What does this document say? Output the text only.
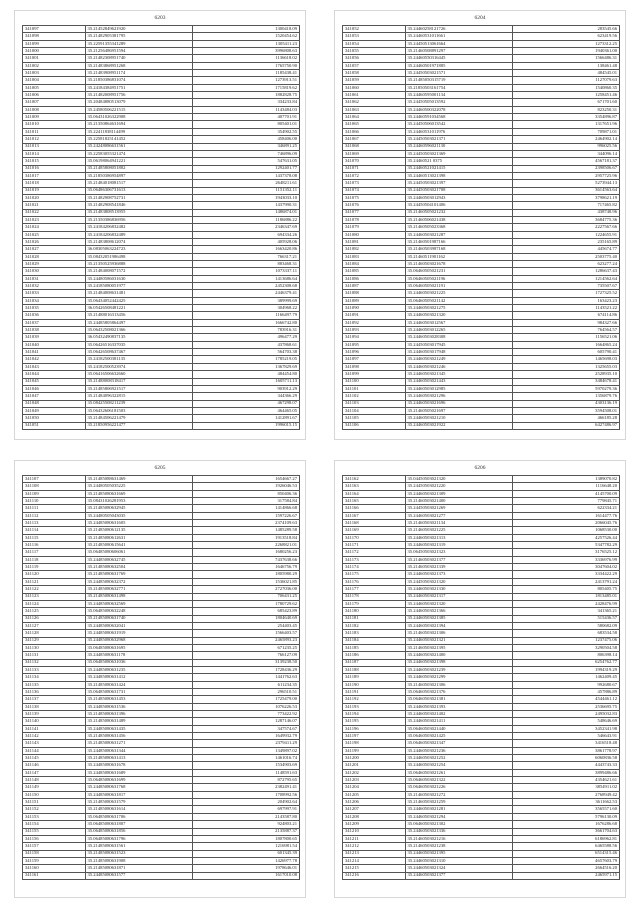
6203
341097	35.21452849621920	1300418.09
341098	35.21482905381795	1520454.62
341099	35.22591355341289	1305411.23
341000	35.21256486951594	3996808.63
341001	35.21482308951740	1136618.02
341002	35.21483868951268	1765750.90
341003	35.21483908951174	1185438.41
341004	35.21850386831074	1273913.51
341005	35.24184384951751	1715819.62
341006	35.21482008951756	1882828.75
341007	35.20484880513079	334233.84
341008	35.24580506221515	1143484.03
341009	35.06431026322908	407701.91
341010	35.21350864631694	805401.01
341011	35.22411838114499	354902.55
341012	35.22581825141452	458406.00
341013	35.24248086631561	346891.25
341014	35.22583055321474	746896.09
341015	35.06198064941221	547631.05
341016	35.21485808051802	1292401.77
341017	35.21850386954897	1437378.08
341018	35.21484018081517	2648211.61
341019	35.06486306731613	1151352.11
341020	35.21482908752731	1943033.10
341021	35.21482908541846	1437990.31
341022	35.21483808513955	1486874.01
341023	35.21350386836956	1186886.22
341024	35.24184206832482	2346347.69
341025	35.24184206832489	694334.26
341026	35.21483808612074	405928.06
341027	36.08305063224723	1663420.86
341028	35.08432051986498	766317.21
341029	35.21350525936888	883468.31
341030	35.21484008071572	1073337.11
341031	35.24480586031630	1413686.64
341032	35.24185080051977	2452308.68
341033	35.21484008631481	2446379.41
341034	35.06434052442425	389999.69
341035	36.05426508481221	304968.22
341036	35.21488016313456	1166497.79
341037	35.24485805864497	1666742.80
341038	35.06432508021366	783916.31
341039	36.05432490837135	496477.29
341040	35.06426516337035	437868.61
341041	35.06426508637467	564703.38
341042	35.24182500381135	1785219.05
341043	35.24182500523974	1367829.69
341044	35.06416506632660	484454.80
341045	35.21488008318417	1605711.13
341046	35.21485806921517	903912.29
341047	35.21484096322815	344366.29
341048	35.08425508211239	467298.07
341049	35.06432606181503	464465.05
341050	35.21484506221479	1412891.67
341051	35.21850956221477	1996015.15
6204
341052	35.24460258121726	283545.66
341053	35.24460531011661	623419.56
341054	35.24450513061664	1273312.25
341055	35.21460508891297	1940361.00
341056	35.24460550316445	1566486.31
341057	35.24460501971885	138461.48
341058	35.24450503021571	484545.01
341059	35.21485050315719	1127079.63
341060	35.21850503161754	1540860.35
341061	35.24460595001134	1258451.46
341062	35.24450505013592	671701.60
341063	35.24460500322078	823250.31
341064	35.24460591034568	3354896.87
341065	35.24450506013542	1317651.96
341066	35.24460531011976	709871.01
341067	35.24450503021371	2464902.14
341068	35.24460596021130	996025.56
341069	35.24450503021369	344096.14
341070	35.24460521 0375	4567181.37
341071	35.24460521021415	2398506.67
341072	35.24460513021398	2957725.96
341073	35.24450503021397	5273944.13
341074	35.24450503021708	3614563.64
341075	35.24460503012943	3798621.19
341076	35.24450504101406	717465.82
341077	35.21460505021232	438748.96
341078	35.21460506021438	3684775.36
341079	35.21460505023368	2227567.66
341080	35.24460503021287	1224655.91
341081	35.21460501987166	235165.89
341082	35.21460503987168	445674.77
341083	35.21460511901162	2503775.40
341084	35.21460503021678	623277.24
341085	35.06460505021231	1286637.43
341086	35.06460505021196	1214562.64
341087	35.06460505021191	735507.67
341088	35.24460503021225	1727325.52
341089	35.06460505021142	163423.23
341090	35.24460503021275	1143521.22
341091	35.24460503021320	674114.86
341092	35.24460503012567	984327.66
341093	35.24460503012265	764564.57
341094	35.24460503028308	1156521.06
341095	35.24450503017945	1664865.24
341096	35.24460503017948	605790.41
341097	35.24460503021249	1465698.03
341098	35.24460503021246	1325655.03
341099	35.24460503021345	2528935.10
341100	35.24460503021443	3484678.41
341101	35.24460503012985	5970279.36
341102	35.24460503021296	1356879.76
341103	35.24460503021696	4303136.19
341104	35.21460505021697	3594508.01
341105	35.24460503021210	466185.28
341106	35.24460503021922	6427486.97
6205
341107	35.21485088631469	1654667.27
341108	35.24480505035225	1926046.53
341109	35.21485080631669	850406.36
341110	35.08431026281953	317584.84
341111	35.21485080632945	1414866.68
341112	35.24480505043035	1597226.67
341113	35.24485080631605	2374109.63
341114	35.21485080612135	1485289.58
341115	35.21485080612631	1913518.84
341116	35.21485080615641	2268821.01
341117	35.06485080606061	1680256.23
341118	35.24485080632745	7437638.66
341119	35.21485080632504	1646756.79
341120	35.21485080631769	1805980.29
341121	35.24485080632372	1536021.85
341122	35.21485080632771	2727036.00
341123	35.21485080631498	706431.25
341124	35.24485080632569	1780729.62
341125	35.06485080632248	685423.89
341126	35.21485080631740	1804640.69
341127	35.24485080632041	254403.45
341128	35.24485080631919	1566403.57
341129	35.24485080632968	2465893.23
341130	35.06485080631695	671235.25
341131	35.24485080631178	766127.09
341132	35.06485080631036	3139238.50
341133	35.24485080631235	1728436.29
341134	35.24485080631412	1441762.63
341135	35.21485080631424	611234.35
341136	35.06485080631731	296510.51
341137	35.21485080631453	1725479.00
341138	35.24485080631536	1076226.53
341139	35.21485080631396	773422.92
341140	35.21485080631489	1287146.07
341141	35.24485080631435	347574.67
341142	35.21485080631456	1649932.79
341143	35.21485080631271	2379411.29
341144	35.24485080631344	1349897.02
341145	35.21485080631413	1461016.74
341146	35.24485080631678	1534903.69
341147	35.24485080631689	1148591.63
341148	35.06485080631699	872795.65
341149	35.24485080631768	2382491.41
341150	35.24485080631817	1708992.56
341151	35.21485080631579	204902.64
341152	35.21485080631614	697997.91
341153	35.06485080631706	2143587.80
341154	35.06485080631807	924803.21
341155	35.06485080631856	2135887.37
341156	35.06485080631796	1807800.65
341157	35.21485080631561	1216981.54
341158	35.21485080631523	601345.39
341159	35.21485080631908	1426977.78
341160	35.21485080631871	1978646.01
341161	35.24485080631577	1617010.08
6206
341162	35.04450503021320	1389070.82
341163	35.24450503021220	1116648.20
341164	35.24460503021309	4145700.09
341165	35.21460503021400	779845.71
341166	35.24450503021269	622334.21
341167	35.24460503021277	1614477.76
341168	35.21460503021134	2066045.76
341169	35.21460503021225	1068530.00
341170	35.24460503021313	4257526.44
341171	35.24460503021319	5347782.29
341172	35.06450503021323	3176525.12
341173	35.21460503021377	3336976.99
341174	35.21460503021339	3047604.02
341175	35.24460503021373	3334422.29
341176	35.24450503021320	2413791.24
341177	35.24460503021330	805405.75
341178	35.24460503021317	1813485.01
341179	35.24460503021320	2428476.99
341180	35.24460503021366	341365.21
341181	35.24460503021385	515436.57
341182	35.24460503021394	580682.09
341183	35.21460503021306	683534.58
341184	35.24460503021321	1237475.06
341185	35.21460503021395	3290504.58
341186	35.24460503021400	806398.14
341187	35.24460503021398	6254762.77
341188	35.24460503021239	1994319.29
341189	35.24460503021299	1462409.45
341190	35.21460503021306	992680.67
341191	35.06460503021376	457886.89
341192	35.06460503021381	4544461.12
341193	35.24460503021393	2536695.75
341194	35.24460503021402	2495032.83
341195	35.24460503021411	548646.69
341196	35.06460503021440	3452341.98
341197	35.06460503021425	546643.91
341198	35.06460503021347	3416518.48
341199	35.24460503021236	3861778.97
341200	35.24460503021252	6060836.58
341201	35.24460503021254	4443743.33
341202	35.06460503021261	3899486.66
341203	35.06460503021322	4354621.61
341204	35.06460503021226	3854911.02
341205	35.21460503021272	2768949.42
341206	35.21460503021259	3611662.53
341207	35.24460503021281	3565571.60
341208	35.24460503021294	5796130.09
341209	35.06460503021302	1676286.68
341210	35.24460503021336	3661704.63
341211	35.21460503021216	6186962.81
341212	35.21460503021238	6465588.56
341213	35.24460503021395	6514315.46
341214	35.24460503021310	4657603.79
341215	35.24460503021324	2664516.20
341216	35.24460503021377	2465971.15
